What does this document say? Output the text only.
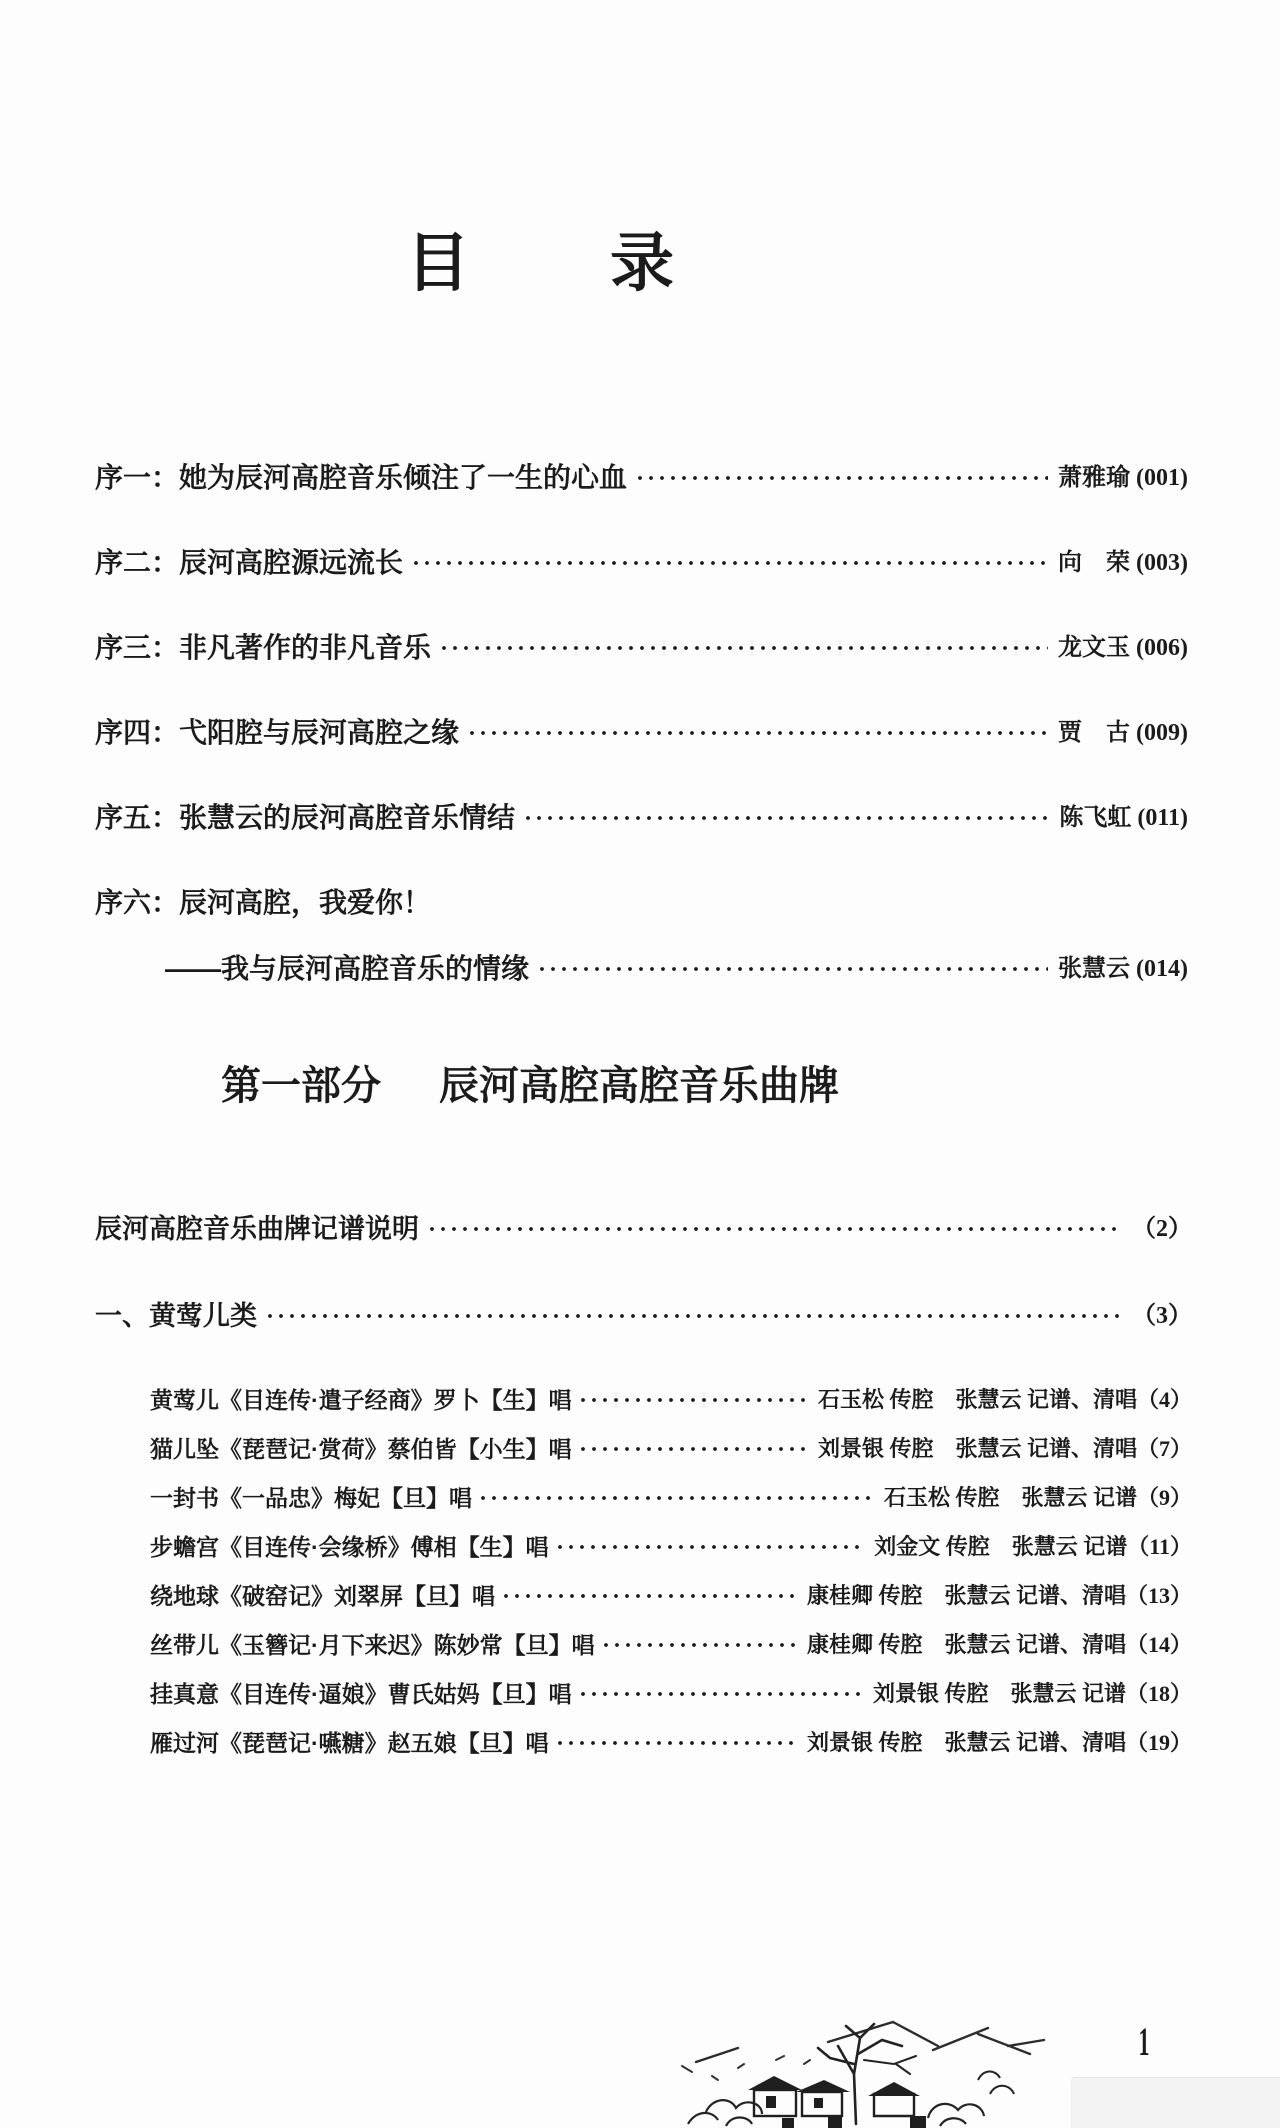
目 录
序一：她为辰河高腔音乐倾注了一生的心血	萧雅瑜 (001)
序二：辰河高腔源远流长	向　荣 (003)
序三：非凡著作的非凡音乐	龙文玉 (006)
序四：弋阳腔与辰河高腔之缘	贾　古 (009)
序五：张慧云的辰河高腔音乐情结	陈飞虹 (011)
序六：辰河高腔，我爱你！
——我与辰河高腔音乐的情缘	张慧云 (014)
第一部分 辰河高腔高腔音乐曲牌
辰河高腔音乐曲牌记谱说明	（2）
一、黄莺儿类	（3）
黄莺儿《目连传·遣子经商》罗卜【生】唱	石玉松 传腔　张慧云 记谱、清唱 （4）
猫儿坠《琵琶记·赏荷》蔡伯皆【小生】唱	刘景银 传腔　张慧云 记谱、清唱 （7）
一封书《一品忠》梅妃【旦】唱	石玉松 传腔　张慧云 记谱 （9）
步蟾宫《目连传·会缘桥》傅相【生】唱	刘金文 传腔　张慧云 记谱 （11）
绕地球《破窑记》刘翠屏【旦】唱	康桂卿 传腔　张慧云 记谱、清唱 （13）
丝带儿《玉簪记·月下来迟》陈妙常【旦】唱	康桂卿 传腔　张慧云 记谱、清唱 （14）
挂真意《目连传·逼娘》曹氏姑妈【旦】唱	刘景银 传腔　张慧云 记谱 （18）
雁过河《琵琶记·嚥糖》赵五娘【旦】唱	刘景银 传腔　张慧云 记谱、清唱 （19）
1
